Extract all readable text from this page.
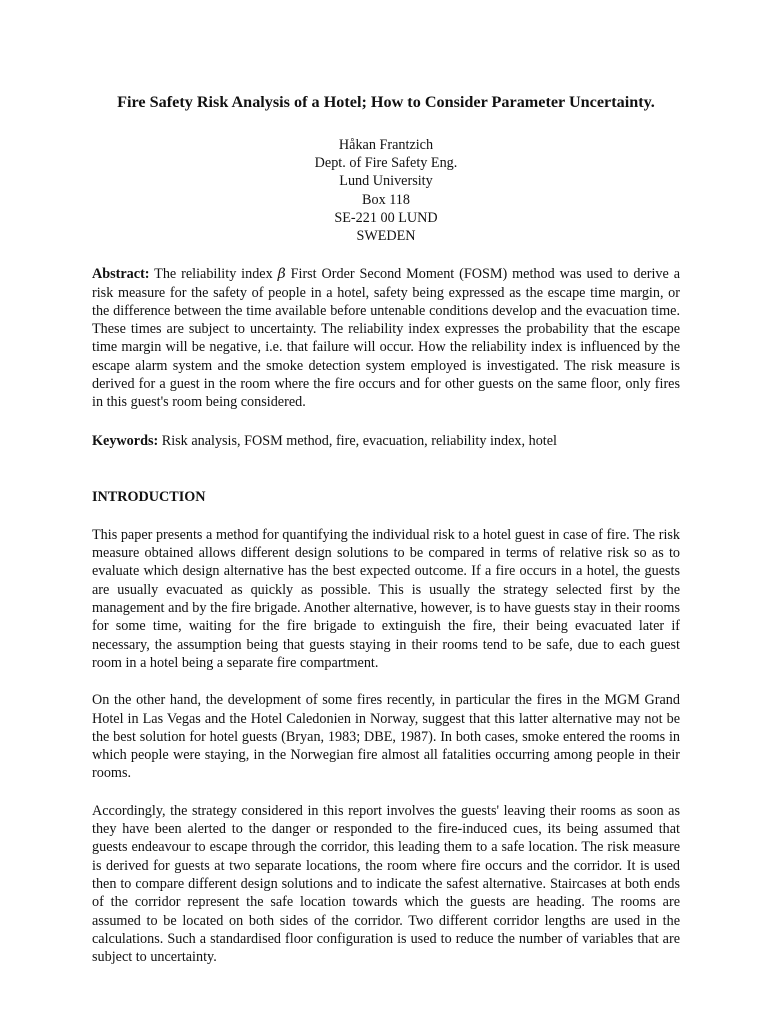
Fire Safety Risk Analysis of a Hotel; How to Consider Parameter Uncertainty.
Håkan Frantzich
Dept. of Fire Safety Eng.
Lund University
Box 118
SE-221 00 LUND
SWEDEN

Abstract: The reliability index β First Order Second Moment (FOSM) method was used to derive a risk measure for the safety of people in a hotel, safety being expressed as the escape time margin, or the difference between the time available before untenable conditions develop and the evacuation time. These times are subject to uncertainty. The reliability index expresses the probability that the escape time margin will be negative, i.e. that failure will occur. How the reliability index is influenced by the escape alarm system and the smoke detection system employed is investigated. The risk measure is derived for a guest in the room where the fire occurs and for other guests on the same floor, only fires in this guest's room being considered.

Keywords: Risk analysis, FOSM method, fire, evacuation, reliability index, hotel

INTRODUCTION

This paper presents a method for quantifying the individual risk to a hotel guest in case of fire. The risk measure obtained allows different design solutions to be compared in terms of relative risk so as to evaluate which design alternative has the best expected outcome. If a fire occurs in a hotel, the guests are usually evacuated as quickly as possible. This is usually the strategy selected first by the management and by the fire brigade. Another alternative, however, is to have guests stay in their rooms for some time, waiting for the fire brigade to extinguish the fire, their being evacuated later if necessary, the assumption being that guests staying in their rooms tend to be safe, due to each guest room in a hotel being a separate fire compartment.

On the other hand, the development of some fires recently, in particular the fires in the MGM Grand Hotel in Las Vegas and the Hotel Caledonien in Norway, suggest that this latter alternative may not be the best solution for hotel guests (Bryan, 1983; DBE, 1987). In both cases, smoke entered the rooms in which people were staying, in the Norwegian fire almost all fatalities occurring among people in their rooms.

Accordingly, the strategy considered in this report involves the guests' leaving their rooms as soon as they have been alerted to the danger or responded to the fire-induced cues, its being assumed that guests endeavour to escape through the corridor, this leading them to a safe location. The risk measure is derived for guests at two separate locations, the room where fire occurs and the corridor. It is used then to compare different design solutions and to indicate the safest alternative. Staircases at both ends of the corridor represent the safe location towards which the guests are heading. The rooms are assumed to be located on both sides of the corridor. Two different corridor lengths are used in the calculations. Such a standardised floor configuration is used to reduce the number of variables that are subject to uncertainty.
